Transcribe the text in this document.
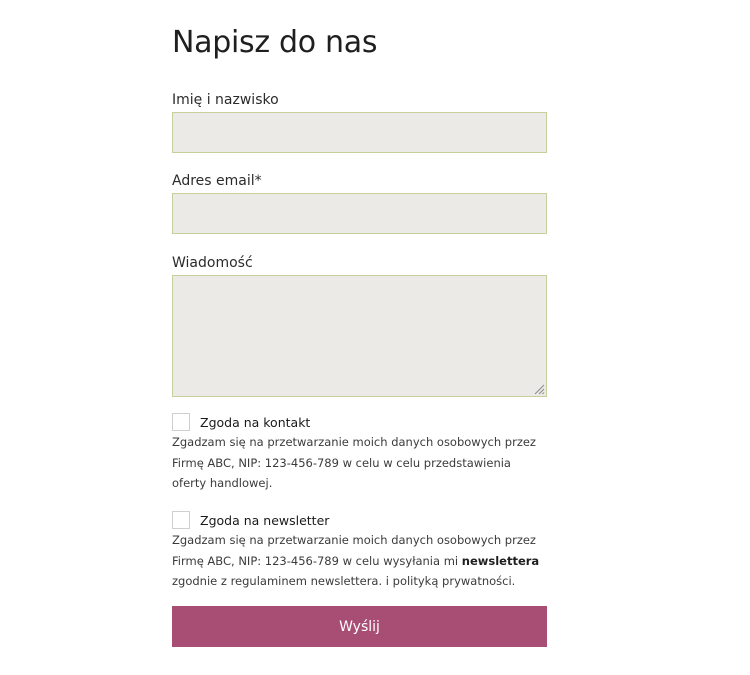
Napisz do nas
Imię i nazwisko
Adres email*
Wiadomość
Zgoda na kontakt
Zgadzam się na przetwarzanie moich danych osobowych przez Firmę ABC, NIP: 123-456-789 w celu w celu przedstawienia oferty handlowej.
Zgoda na newsletter
Zgadzam się na przetwarzanie moich danych osobowych przez Firmę ABC, NIP: 123-456-789 w celu wysyłania mi newslettera zgodnie z regulaminem newslettera. i polityką prywatności.
Wyślij
